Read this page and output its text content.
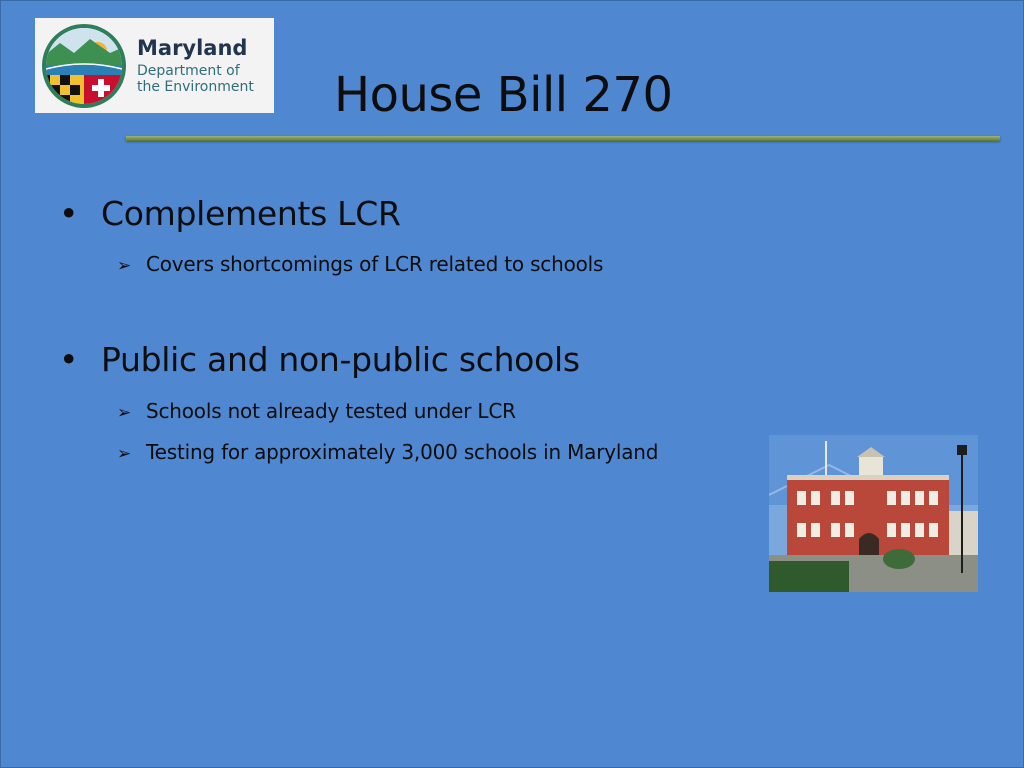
Maryland
Department of
the Environment House Bill 270
• Complements LCR
➢ Covers shortcomings of LCR related to schools
• Public and non-public schools
➢ Schools not already tested under LCR
➢ Testing for approximately 3,000 schools in Maryland
